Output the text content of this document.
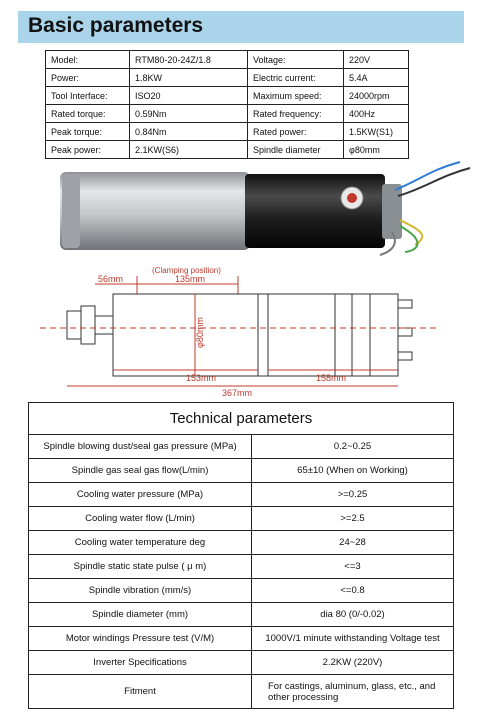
Basic parameters
Model:	RTM80-20-24Z/1.8	Voltage:	220V
Power:	1.8KW	Electric current:	5.4A
Tool Interface:	ISO20	Maximum speed:	24000rpm
Rated torque:	0.59Nm	Rated frequency:	400Hz
Peak torque:	0.84Nm	Rated power:	1.5KW(S1)
Peak power:	2.1KW(S6)	Spindle diameter	φ80mm
(Clamping position)
56mm	135mm
φ80mm
153mm	158mm
367mm
Technical parameters	
Spindle blowing dust/seal gas pressure (MPa)	0.2~0.25
Spindle gas seal gas flow(L/min)	65±10 (When on Working)
Cooling water pressure (MPa)	>=0.25
Cooling water flow (L/min)	>=2.5
Cooling water temperature deg	24~28
Spindle static state pulse ( μ m)	<=3
Spindle vibration (mm/s)	<=0.8
Spindle diameter (mm)	dia 80 (0/-0.02)
Motor windings Pressure test (V/M)	1000V/1 minute withstanding Voltage test
Inverter Specifications	2.2KW (220V)
Fitment	For castings, aluminum, glass, etc., and other processing
